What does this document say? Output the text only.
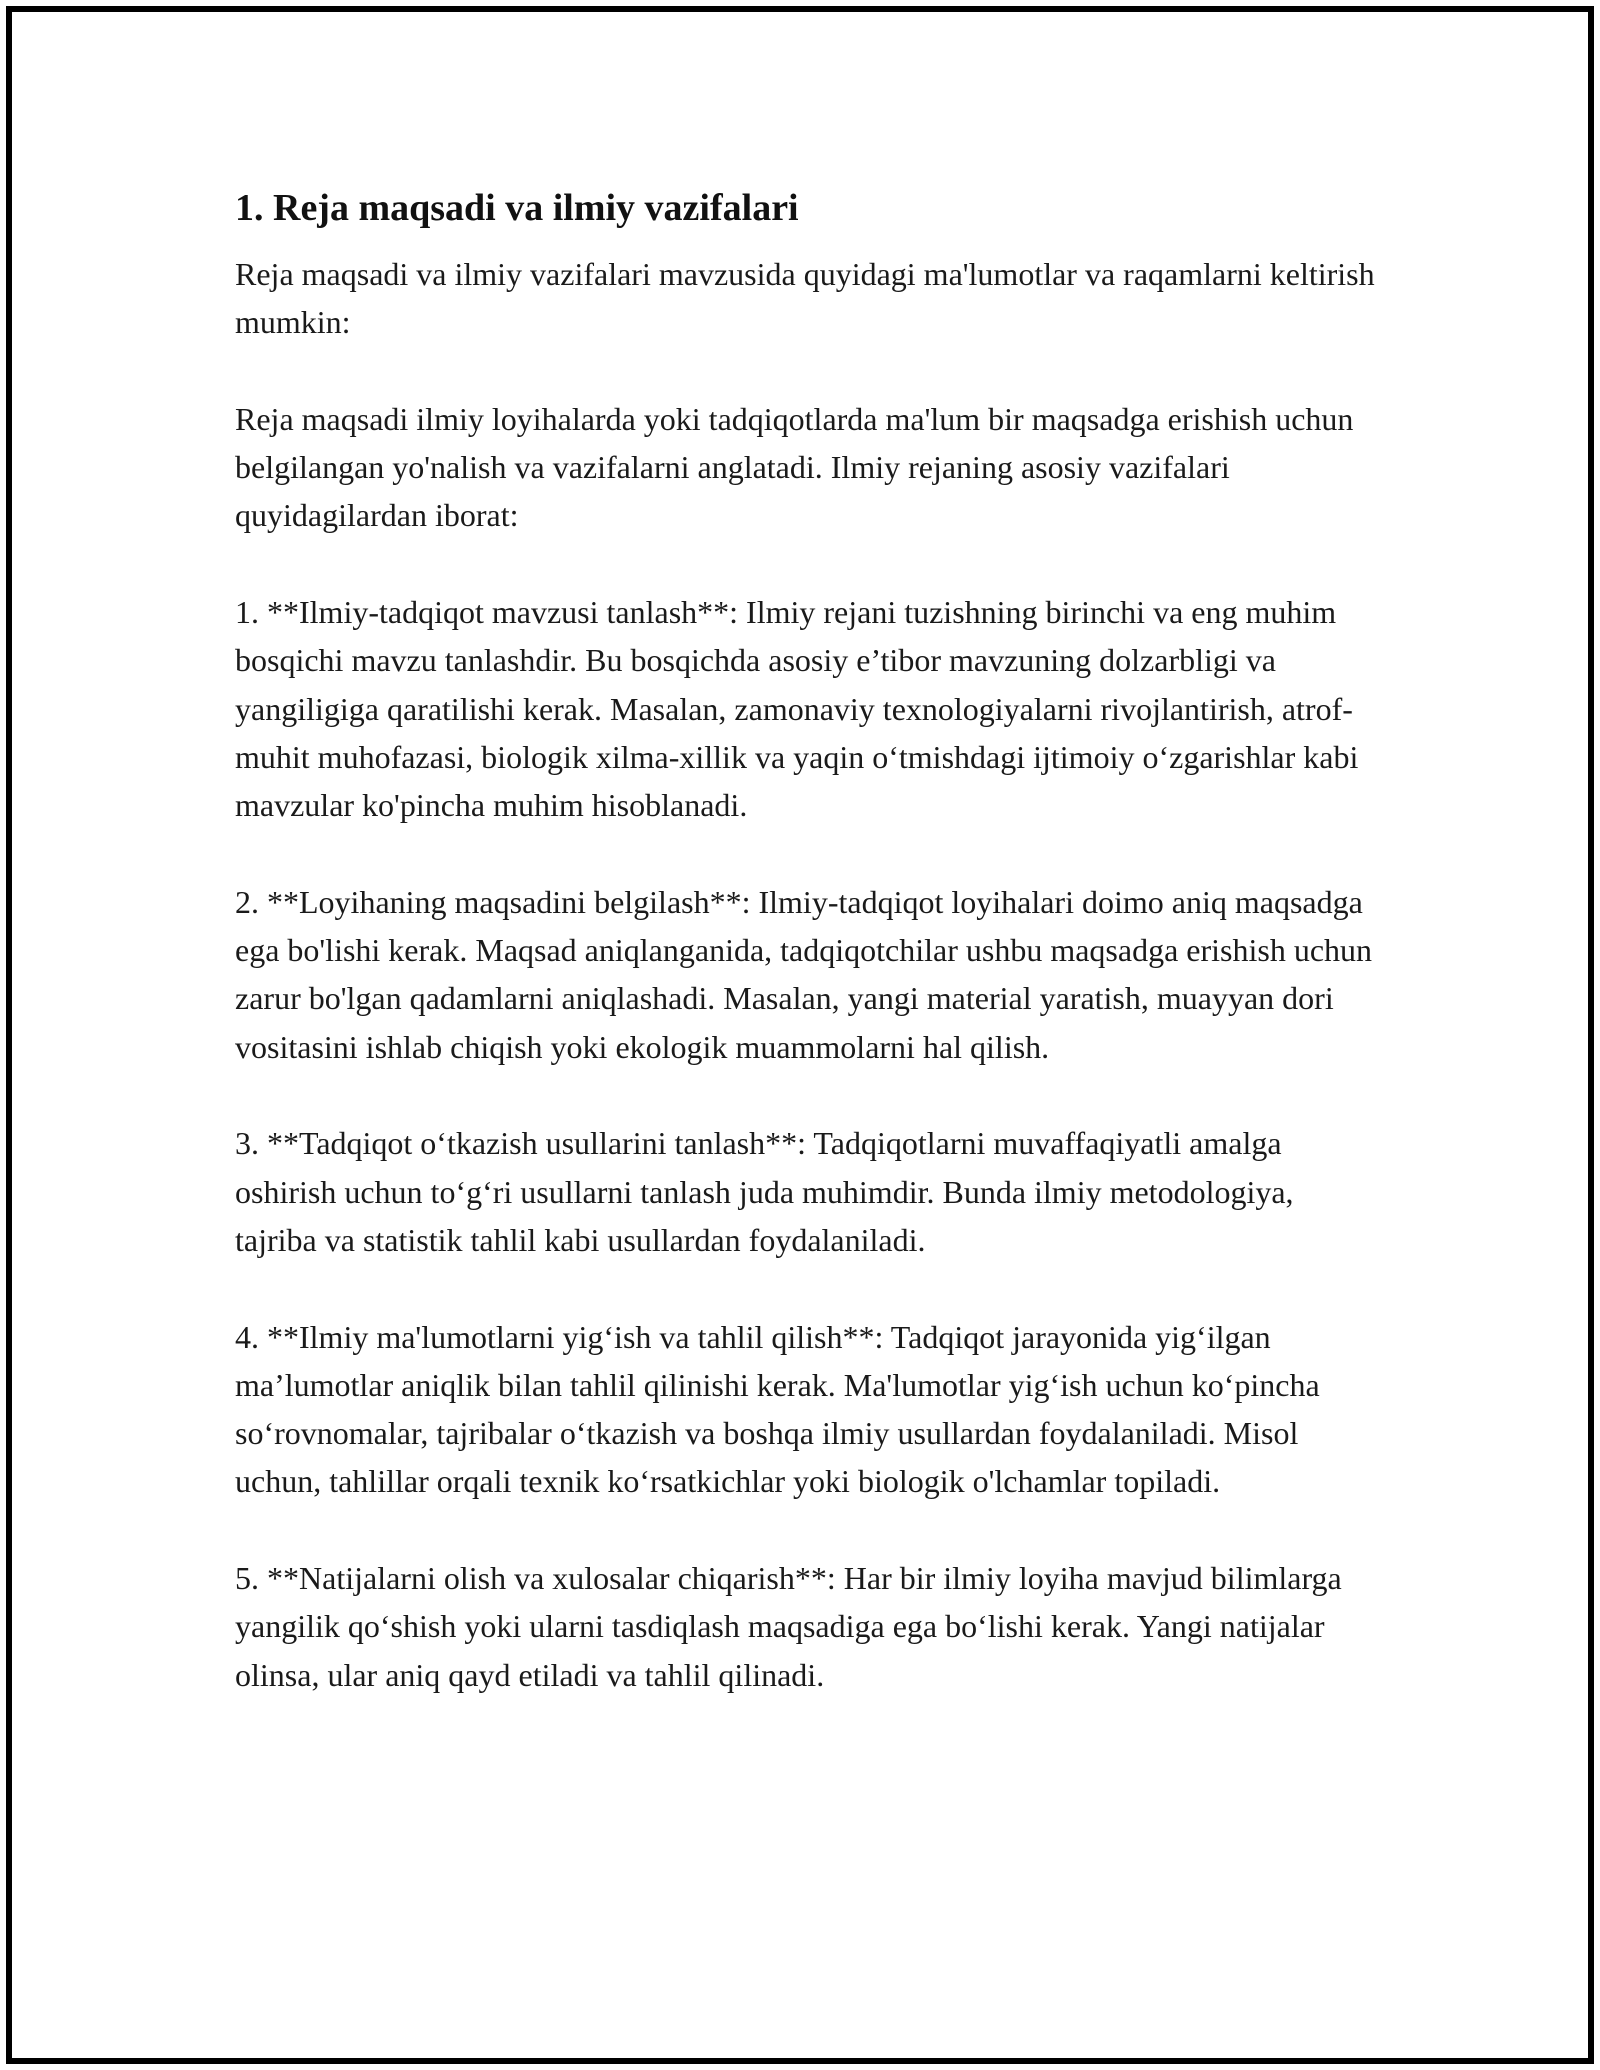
1. Reja maqsadi va ilmiy vazifalari

Reja maqsadi va ilmiy vazifalari mavzusida quyidagi ma'lumotlar va raqamlarni keltirish mumkin:

Reja maqsadi ilmiy loyihalarda yoki tadqiqotlarda ma'lum bir maqsadga erishish uchun belgilangan yo'nalish va vazifalarni anglatadi. Ilmiy rejaning asosiy vazifalari quyidagilardan iborat:

1. **Ilmiy-tadqiqot mavzusi tanlash**: Ilmiy rejani tuzishning birinchi va eng muhim bosqichi mavzu tanlashdir. Bu bosqichda asosiy e’tibor mavzuning dolzarbligi va yangiligiga qaratilishi kerak. Masalan, zamonaviy texnologiyalarni rivojlantirish, atrof-muhit muhofazasi, biologik xilma-xillik va yaqin o‘tmishdagi ijtimoiy o‘zgarishlar kabi mavzular ko'pincha muhim hisoblanadi.

2. **Loyihaning maqsadini belgilash**: Ilmiy-tadqiqot loyihalari doimo aniq maqsadga ega bo'lishi kerak. Maqsad aniqlanganida, tadqiqotchilar ushbu maqsadga erishish uchun zarur bo'lgan qadamlarni aniqlashadi. Masalan, yangi material yaratish, muayyan dori vositasini ishlab chiqish yoki ekologik muammolarni hal qilish.

3. **Tadqiqot o‘tkazish usullarini tanlash**: Tadqiqotlarni muvaffaqiyatli amalga oshirish uchun to‘g‘ri usullarni tanlash juda muhimdir. Bunda ilmiy metodologiya, tajriba va statistik tahlil kabi usullardan foydalaniladi.

4. **Ilmiy ma'lumotlarni yig‘ish va tahlil qilish**: Tadqiqot jarayonida yig‘ilgan ma’lumotlar aniqlik bilan tahlil qilinishi kerak. Ma'lumotlar yig‘ish uchun ko‘pincha so‘rovnomalar, tajribalar o‘tkazish va boshqa ilmiy usullardan foydalaniladi. Misol uchun, tahlillar orqali texnik ko‘rsatkichlar yoki biologik o'lchamlar topiladi.

5. **Natijalarni olish va xulosalar chiqarish**: Har bir ilmiy loyiha mavjud bilimlarga yangilik qo‘shish yoki ularni tasdiqlash maqsadiga ega bo‘lishi kerak. Yangi natijalar olinsa, ular aniq qayd etiladi va tahlil qilinadi.
